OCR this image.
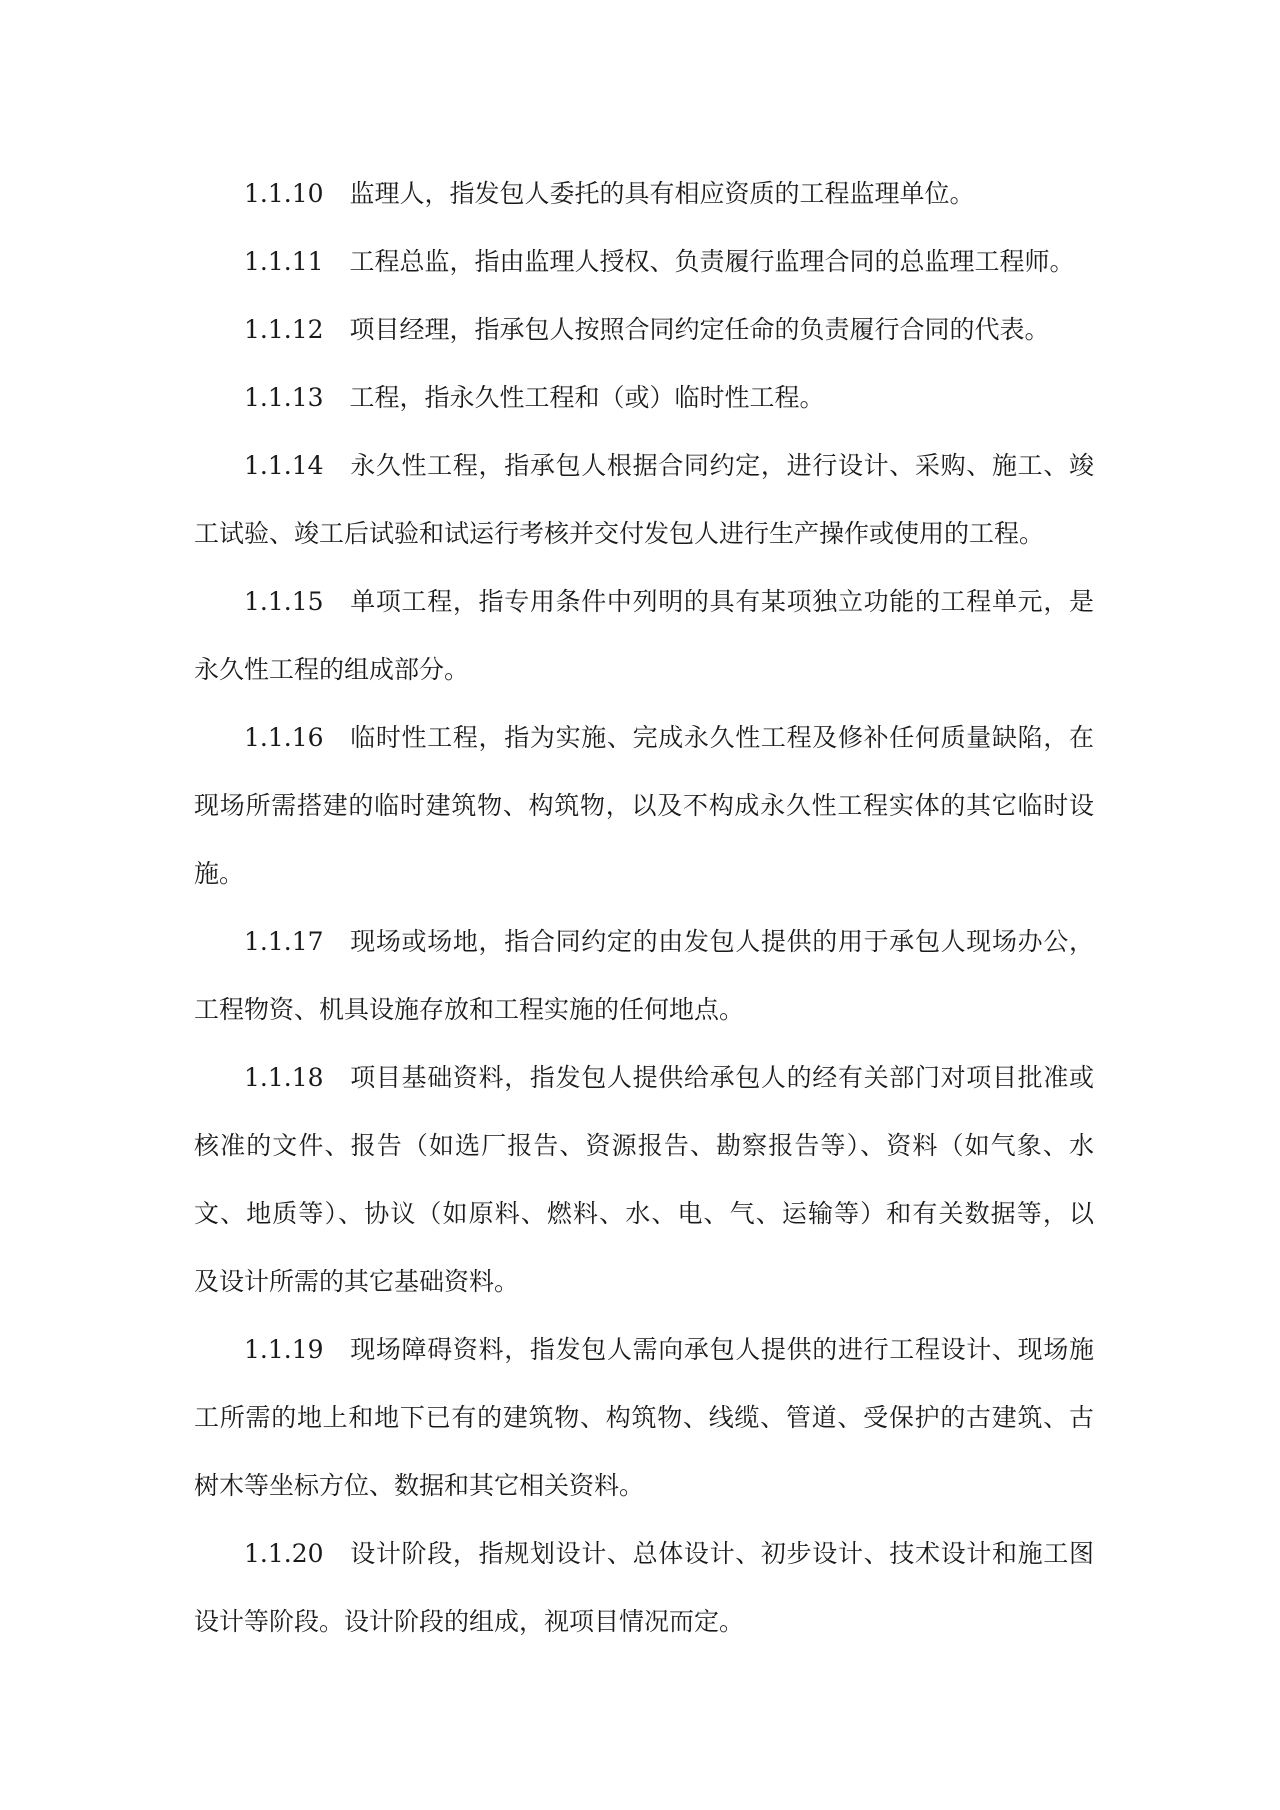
1.1.10 监理人，指发包人委托的具有相应资质的工程监理单位。
1.1.11 工程总监，指由监理人授权、负责履行监理合同的总监理工程师。
1.1.12 项目经理，指承包人按照合同约定任命的负责履行合同的代表。
1.1.13 工程，指永久性工程和（或）临时性工程。
1.1.14 永久性工程，指承包人根据合同约定，进行设计、采购、施工、竣
工试验、竣工后试验和试运行考核并交付发包人进行生产操作或使用的工程。
1.1.15 单项工程，指专用条件中列明的具有某项独立功能的工程单元，是
永久性工程的组成部分。
1.1.16 临时性工程，指为实施、完成永久性工程及修补任何质量缺陷，在
现场所需搭建的临时建筑物、构筑物，以及不构成永久性工程实体的其它临时设
施。
1.1.17 现场或场地，指合同约定的由发包人提供的用于承包人现场办公，
工程物资、机具设施存放和工程实施的任何地点。
1.1.18 项目基础资料，指发包人提供给承包人的经有关部门对项目批准或
核准的文件、报告（如选厂报告、资源报告、勘察报告等）、资料（如气象、水
文、地质等）、协议（如原料、燃料、水、电、气、运输等）和有关数据等，以
及设计所需的其它基础资料。
1.1.19 现场障碍资料，指发包人需向承包人提供的进行工程设计、现场施
工所需的地上和地下已有的建筑物、构筑物、线缆、管道、受保护的古建筑、古
树木等坐标方位、数据和其它相关资料。
1.1.20 设计阶段，指规划设计、总体设计、初步设计、技术设计和施工图
设计等阶段。设计阶段的组成，视项目情况而定。
